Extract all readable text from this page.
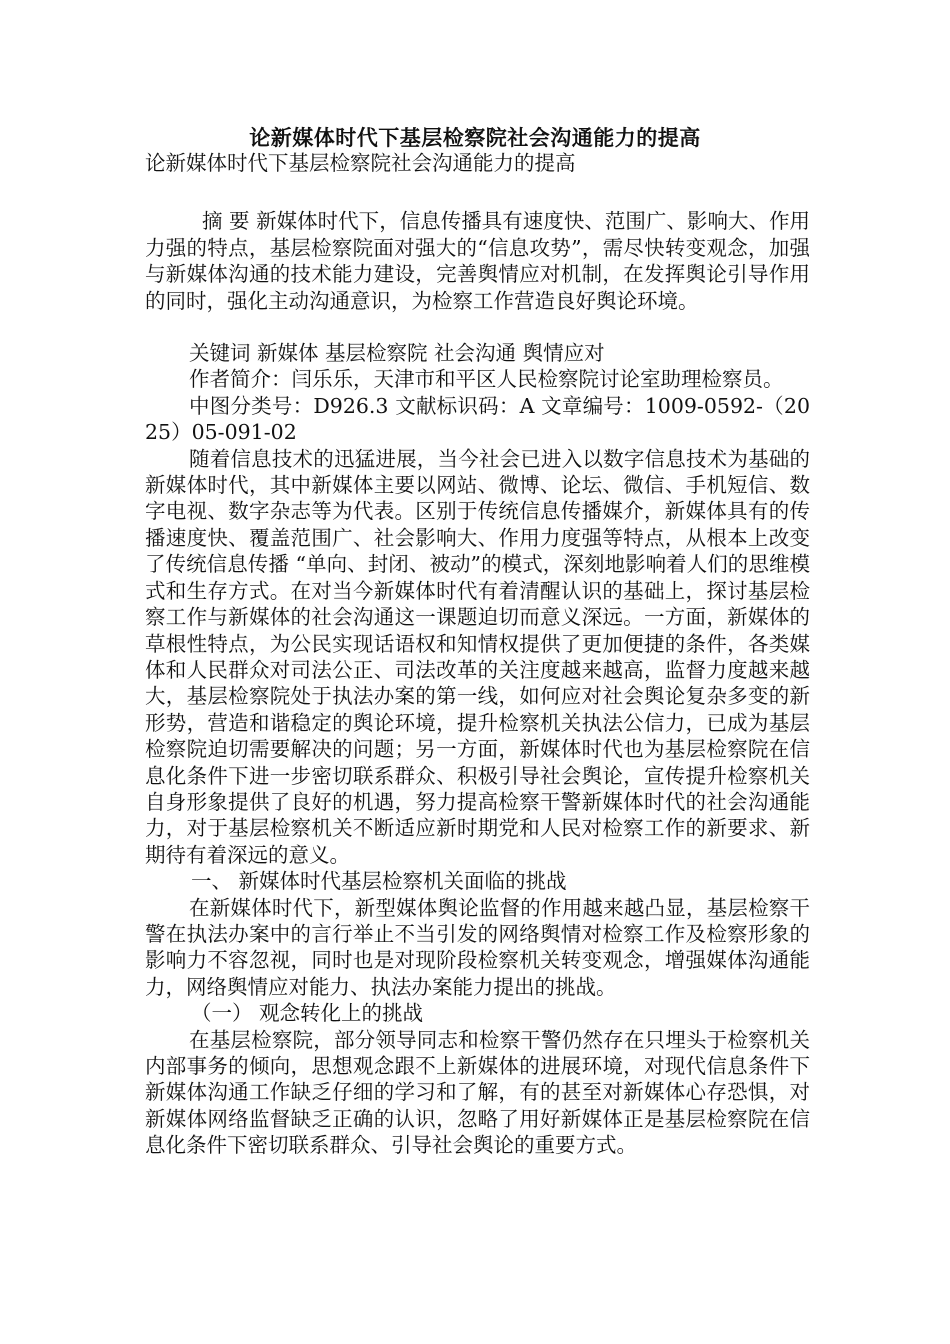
论新媒体时代下基层检察院社会沟通能力的提高

论新媒体时代下基层检察院社会沟通能力的提高

摘 要 新媒体时代下，信息传播具有速度快、范围广、影响大、作用力强的特点，基层检察院面对强大的“信息攻势”，需尽快转变观念，加强与新媒体沟通的技术能力建设，完善舆情应对机制，在发挥舆论引导作用的同时，强化主动沟通意识，为检察工作营造良好舆论环境。

关键词 新媒体 基层检察院 社会沟通 舆情应对

作者简介：闫乐乐，天津市和平区人民检察院讨论室助理检察员。

中图分类号：D926.3 文献标识码：A 文章编号：1009-0592-（2025）05-091-02

随着信息技术的迅猛进展，当今社会已进入以数字信息技术为基础的新媒体时代，其中新媒体主要以网站、微博、论坛、微信、手机短信、数字电视、数字杂志等为代表。区别于传统信息传播媒介，新媒体具有的传播速度快、覆盖范围广、社会影响大、作用力度强等特点，从根本上改变了传统信息传播 “单向、封闭、被动”的模式，深刻地影响着人们的思维模式和生存方式。在对当今新媒体时代有着清醒认识的基础上，探讨基层检察工作与新媒体的社会沟通这一课题迫切而意义深远。一方面，新媒体的草根性特点，为公民实现话语权和知情权提供了更加便捷的条件，各类媒体和人民群众对司法公正、司法改革的关注度越来越高，监督力度越来越大，基层检察院处于执法办案的第一线，如何应对社会舆论复杂多变的新形势，营造和谐稳定的舆论环境，提升检察机关执法公信力，已成为基层检察院迫切需要解决的问题；另一方面，新媒体时代也为基层检察院在信息化条件下进一步密切联系群众、积极引导社会舆论，宣传提升检察机关自身形象提供了良好的机遇，努力提高检察干警新媒体时代的社会沟通能力，对于基层检察机关不断适应新时期党和人民对检察工作的新要求、新期待有着深远的意义。

一、 新媒体时代基层检察机关面临的挑战

在新媒体时代下，新型媒体舆论监督的作用越来越凸显，基层检察干警在执法办案中的言行举止不当引发的网络舆情对检察工作及检察形象的影响力不容忽视，同时也是对现阶段检察机关转变观念，增强媒体沟通能力，网络舆情应对能力、执法办案能力提出的挑战。

（一） 观念转化上的挑战

在基层检察院，部分领导同志和检察干警仍然存在只埋头于检察机关内部事务的倾向，思想观念跟不上新媒体的进展环境，对现代信息条件下新媒体沟通工作缺乏仔细的学习和了解，有的甚至对新媒体心存恐惧，对新媒体网络监督缺乏正确的认识，忽略了用好新媒体正是基层检察院在信息化条件下密切联系群众、引导社会舆论的重要方式。
